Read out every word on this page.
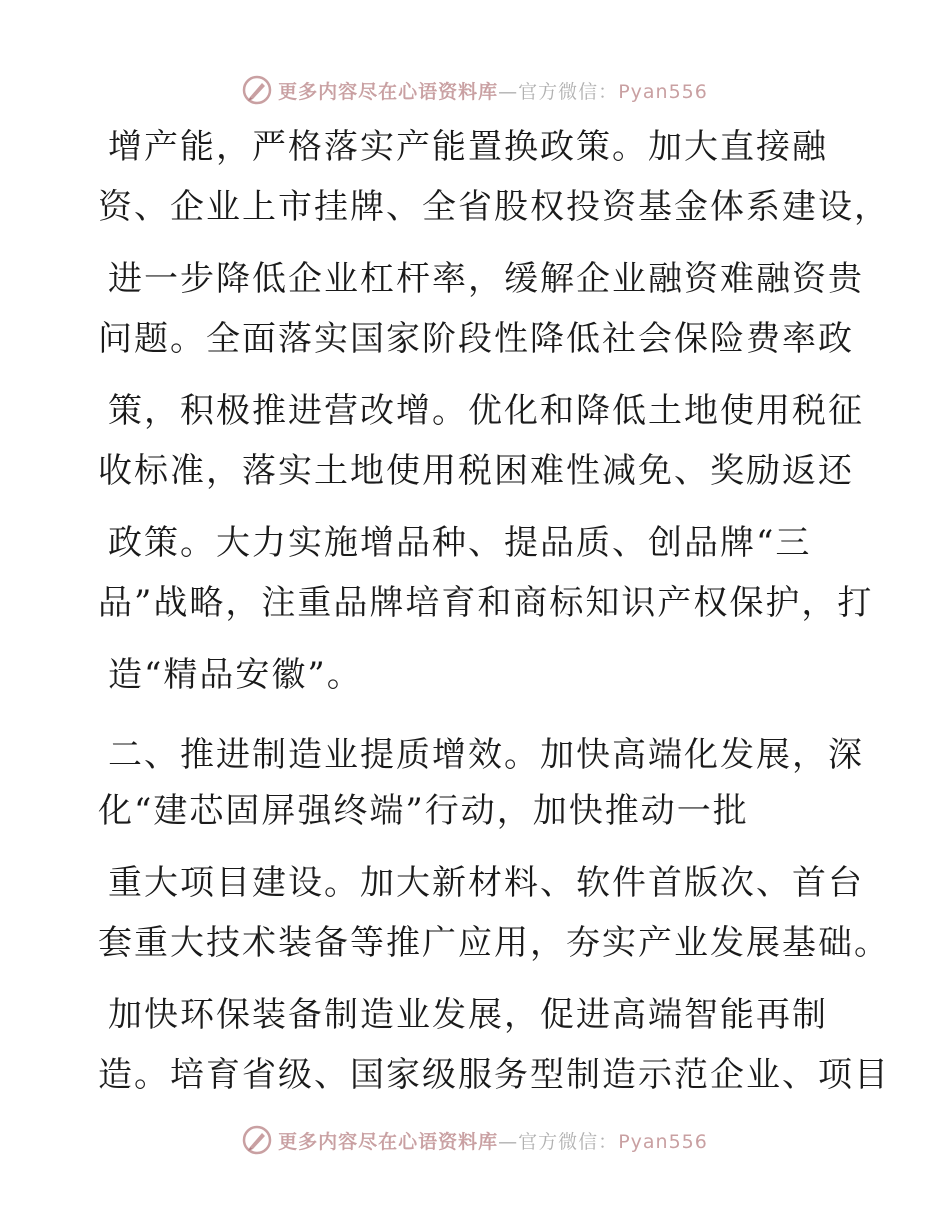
更多内容尽在心语资料库—官方微信：Pyan556
增产能，严格落实产能置换政策。加大直接融
资、企业上市挂牌、全省股权投资基金体系建设，
进一步降低企业杠杆率，缓解企业融资难融资贵
问题。全面落实国家阶段性降低社会保险费率政
策，积极推进营改增。优化和降低土地使用税征
收标准，落实土地使用税困难性减免、奖励返还
政策。大力实施增品种、提品质、创品牌“三
品”战略，注重品牌培育和商标知识产权保护，打
造“精品安徽”。
二、推进制造业提质增效。加快高端化发展，深
化“建芯固屏强终端”行动，加快推动一批
重大项目建设。加大新材料、软件首版次、首台
套重大技术装备等推广应用，夯实产业发展基础。
加快环保装备制造业发展，促进高端智能再制
造。培育省级、国家级服务型制造示范企业、项目
更多内容尽在心语资料库—官方微信：Pyan556
